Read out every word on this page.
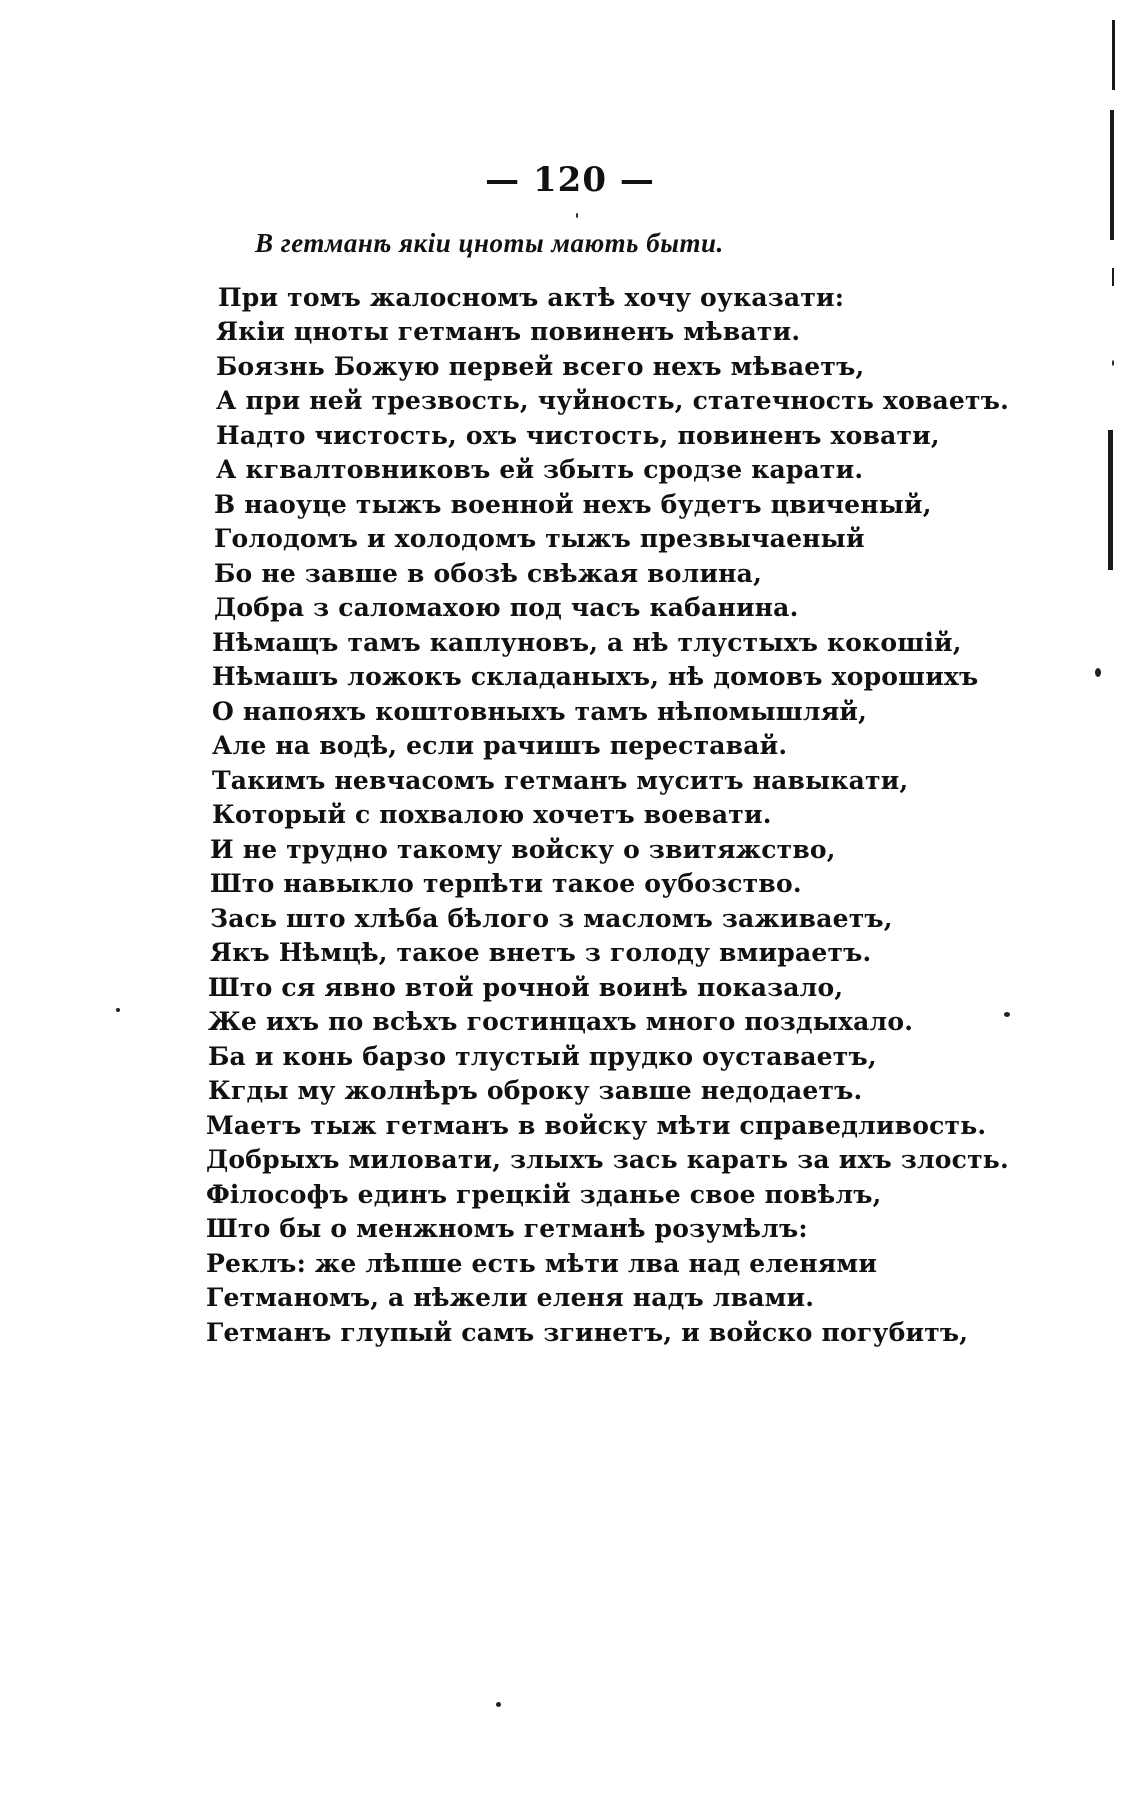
— 120 —
В гетманѣ якіи цноты мають быти.
При томъ жалосномъ актѣ хочу оуказати:
Якіи цноты гетманъ повиненъ мѣвати.
Боязнь Божую первей всего нехъ мѣваетъ,
А при ней трезвость, чуйность, статечность ховаетъ.
Надто чистость, охъ чистость, повиненъ ховати,
А кгвалтовниковъ ей збыть сродзе карати.
В наоуце тыжъ военной нехъ будетъ цвиченый,
Голодомъ и холодомъ тыжъ презвычаеный
Бо не завше в обозѣ свѣжая волина,
Добра з саломахою под часъ кабанина.
Нѣмащъ тамъ каплуновъ, а нѣ тлустыхъ кокошій,
Нѣмашъ ложокъ складаныхъ, нѣ домовъ хорошихъ
О напояхъ коштовныхъ тамъ нѣпомышляй,
Але на водѣ, если рачишъ переставай.
Такимъ невчасомъ гетманъ муситъ навыкати,
Который с похвалою хочетъ воевати.
И не трудно такому войску о звитяжство,
Што навыкло терпѣти такое оубозство.
Зась што хлѣба бѣлого з масломъ заживаетъ,
Якъ Нѣмцѣ, такое внетъ з голоду вмираетъ.
Што ся явно втой рочной воинѣ показало,
Же ихъ по всѣхъ гостинцахъ много поздыхало.
Ба и конь барзо тлустый прудко оуставаетъ,
Кгды му жолнѣръ оброку завше недодаетъ.
Маетъ тыж гетманъ в войску мѣти справедливость.
Добрыхъ миловати, злыхъ зась карать за ихъ злость.
Філософъ единъ грецкій зданье свое повѣлъ,
Што бы о менжномъ гетманѣ розумѣлъ:
Реклъ: же лѣпше есть мѣти лва над еленями
Гетманомъ, а нѣжели еленя надъ лвами.
Гетманъ глупый самъ згинетъ, и войско погубитъ,
